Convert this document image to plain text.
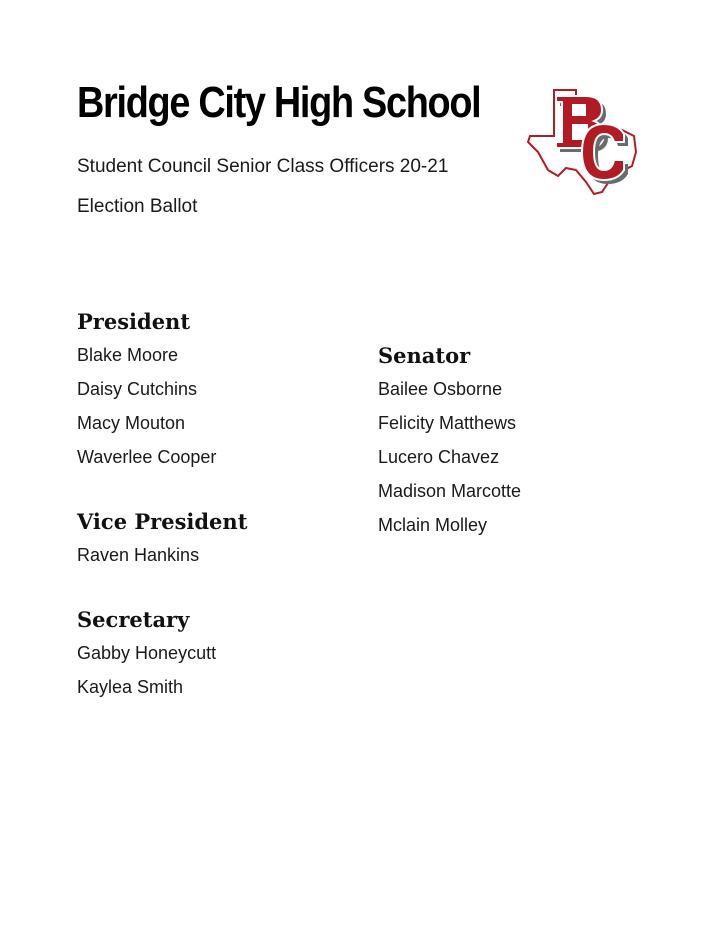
Bridge City High School
Student Council Senior Class Officers 20-21
Election Ballot
President
Blake Moore
Daisy Cutchins
Macy Mouton
Waverlee Cooper
Vice President
Raven Hankins
Secretary
Gabby Honeycutt
Kaylea Smith
Senator
Bailee Osborne
Felicity Matthews
Lucero Chavez
Madison Marcotte
Mclain Molley
